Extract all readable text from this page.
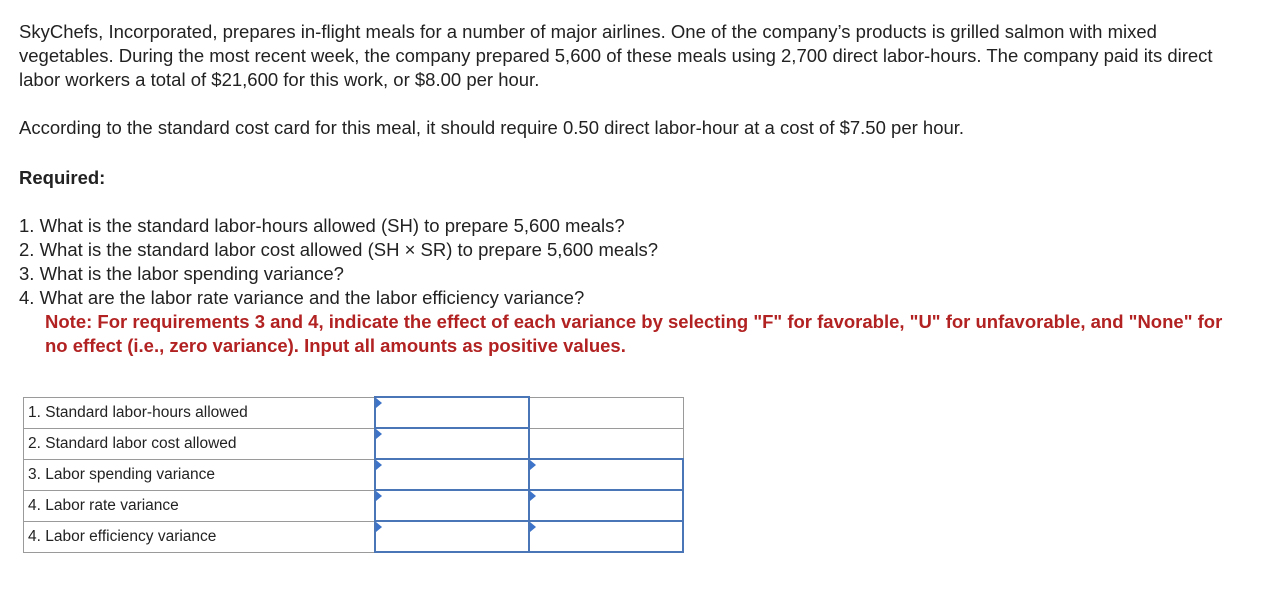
SkyChefs, Incorporated, prepares in-flight meals for a number of major airlines. One of the company’s products is grilled salmon with mixed vegetables. During the most recent week, the company prepared 5,600 of these meals using 2,700 direct labor-hours. The company paid its direct labor workers a total of $21,600 for this work, or $8.00 per hour.

According to the standard cost card for this meal, it should require 0.50 direct labor-hour at a cost of $7.50 per hour.

Required:
1. What is the standard labor-hours allowed (SH) to prepare 5,600 meals?
2. What is the standard labor cost allowed (SH × SR) to prepare 5,600 meals?
3. What is the labor spending variance?
4. What are the labor rate variance and the labor efficiency variance?
Note: For requirements 3 and 4, indicate the effect of each variance by selecting "F" for favorable, "U" for unfavorable, and "None" for no effect (i.e., zero variance). Input all amounts as positive values.
1. Standard labor-hours allowed	

2. Standard labor cost allowed	

3. Labor spending variance	

4. Labor rate variance	

4. Labor efficiency variance	
